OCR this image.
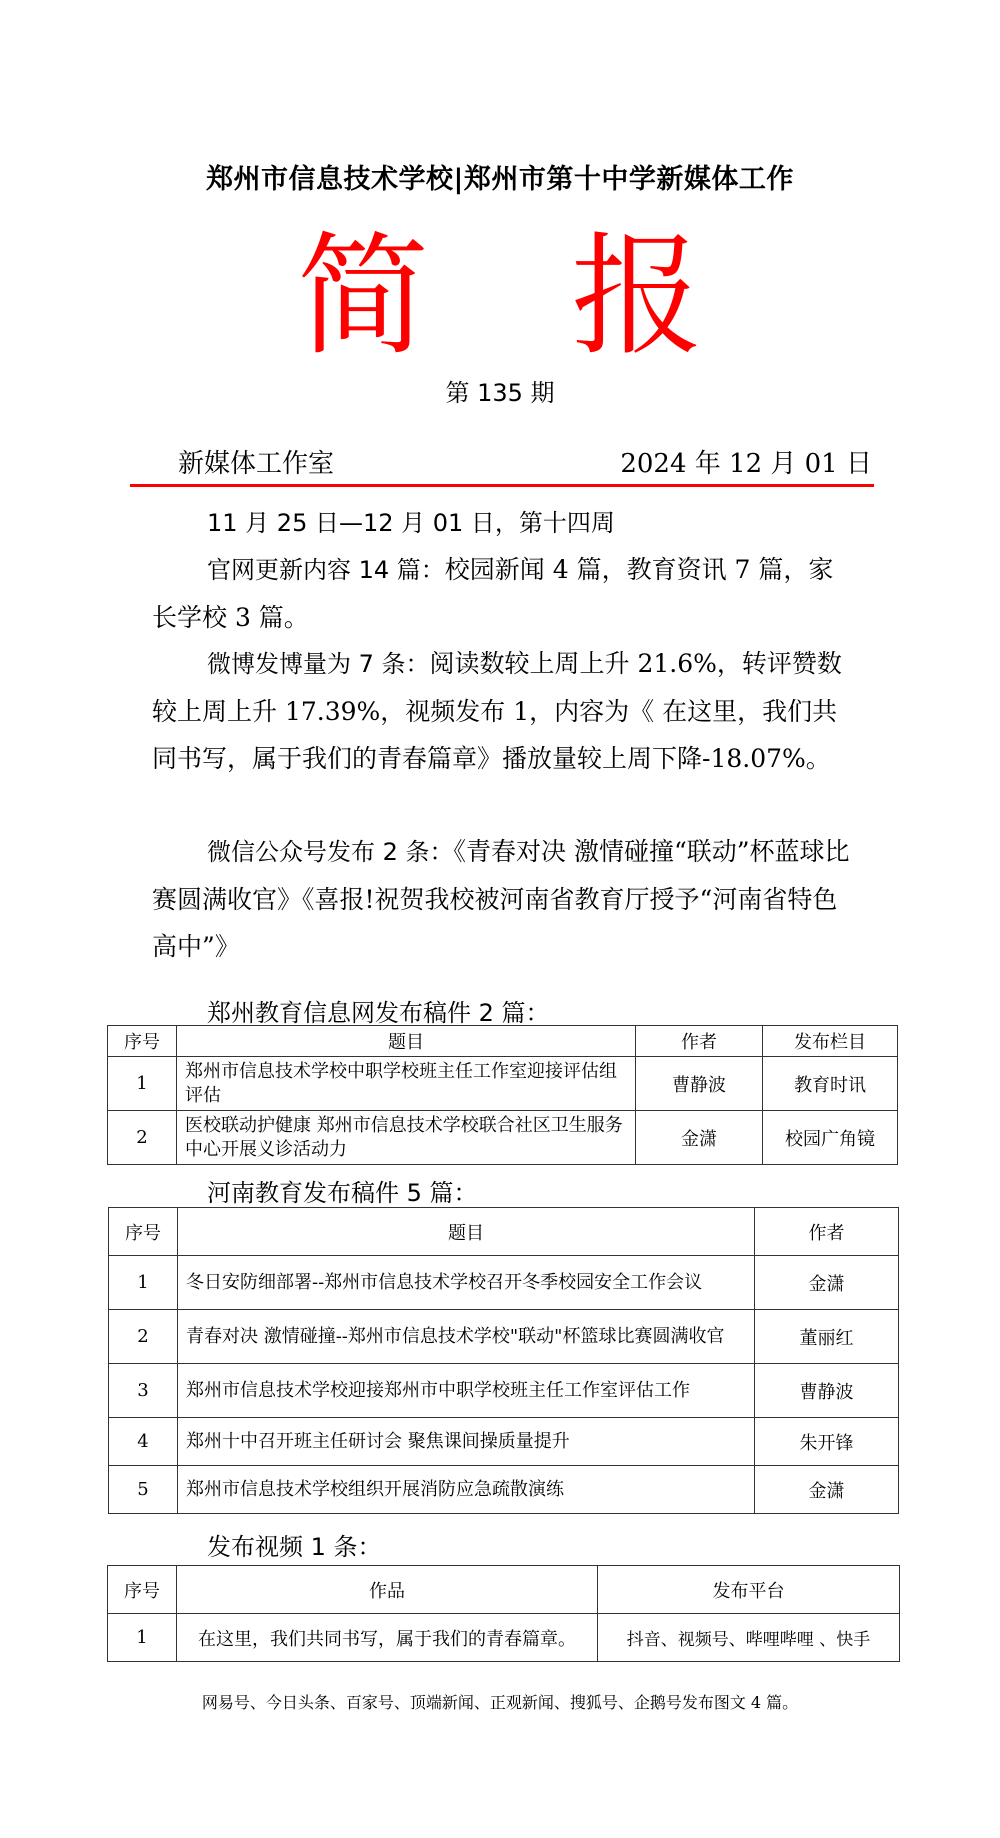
郑州市信息技术学校|郑州市第十中学新媒体工作
简 报
第 135 期
新媒体工作室	2024 年 12 月 01 日
11 月 25 日—12 月 01 日，第十四周
官网更新内容 14 篇：校园新闻 4 篇，教育资讯 7 篇，家长学校 3 篇。
微博发博量为 7 条：阅读数较上周上升 21.6%，转评赞数较上周上升 17.39%，视频发布 1，内容为《 在这里，我们共同书写，属于我们的青春篇章》播放量较上周下降-18.07%。
微信公众号发布 2 条：《青春对决 激情碰撞“联动”杯蓝球比赛圆满收官》《喜报!祝贺我校被河南省教育厅授予“河南省特色高中”》
郑州教育信息网发布稿件 2 篇：
序号	题目	作者	发布栏目
1	郑州市信息技术学校中职学校班主任工作室迎接评估组评估	曹静波	教育时讯
2	医校联动护健康 郑州市信息技术学校联合社区卫生服务中心开展义诊活动力	金潇	校园广角镜
河南教育发布稿件 5 篇：
序号	题目	作者
1	冬日安防细部署--郑州市信息技术学校召开冬季校园安全工作会议	金潇
2	青春对决 激情碰撞--郑州市信息技术学校"联动"杯篮球比赛圆满收官	董丽红
3	郑州市信息技术学校迎接郑州市中职学校班主任工作室评估工作	曹静波
4	郑州十中召开班主任研讨会 聚焦课间操质量提升	朱开锋
5	郑州市信息技术学校组织开展消防应急疏散演练	金潇
发布视频 1 条：
序号	作品	发布平台
1	在这里，我们共同书写，属于我们的青春篇章。	抖音、视频号、哔哩哔哩 、快手
网易号、今日头条、百家号、顶端新闻、正观新闻、搜狐号、企鹅号发布图文 4 篇。
